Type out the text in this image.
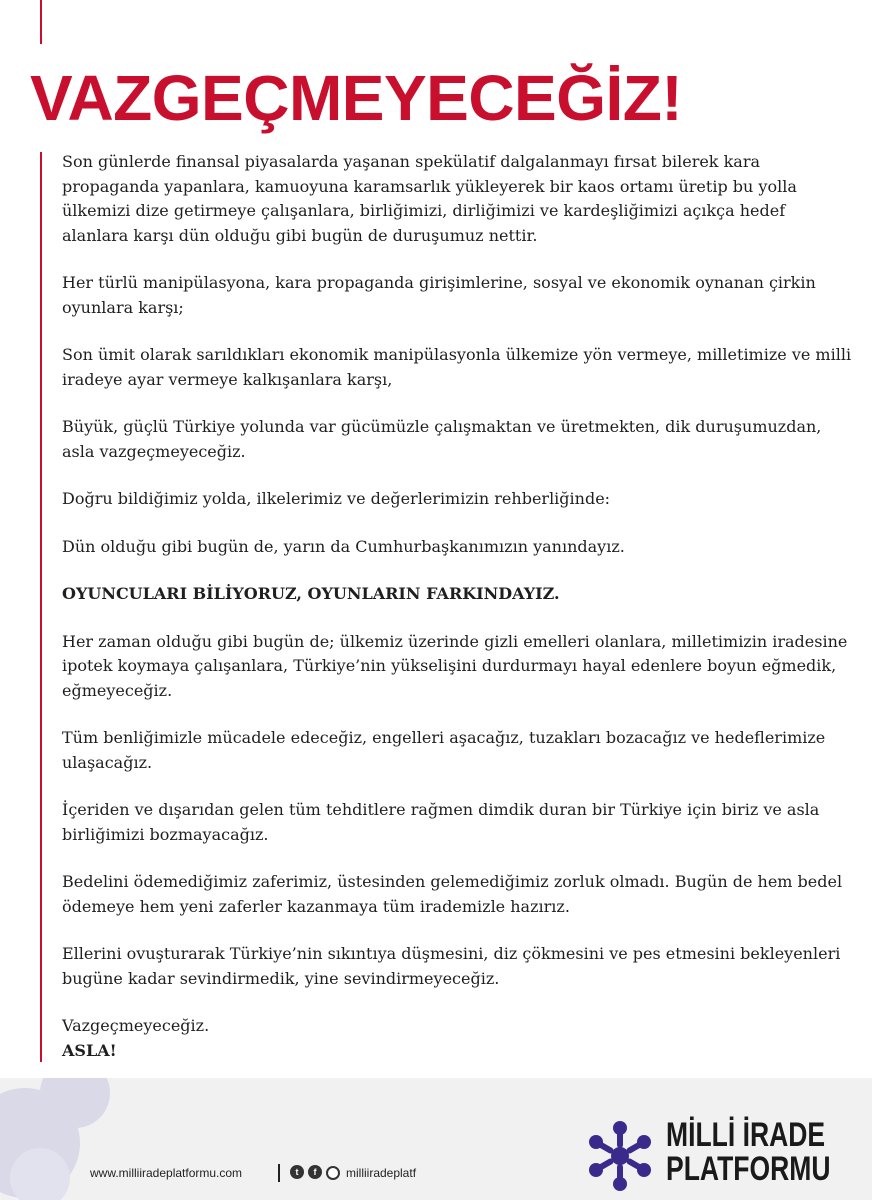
VAZGEÇMEYECEĞİZ!

Son günlerde finansal piyasalarda yaşanan spekülatif dalgalanmayı fırsat bilerek kara propaganda yapanlara, kamuoyuna karamsarlık yükleyerek bir kaos ortamı üretip bu yolla ülkemizi dize getirmeye çalışanlara, birliğimizi, dirliğimizi ve kardeşliğimizi açıkça hedef alanlara karşı dün olduğu gibi bugün de duruşumuz nettir.

Her türlü manipülasyona, kara propaganda girişimlerine, sosyal ve ekonomik oynanan çirkin oyunlara karşı;

Son ümit olarak sarıldıkları ekonomik manipülasyonla ülkemize yön vermeye, milletimize ve milli iradeye ayar vermeye kalkışanlara karşı,

Büyük, güçlü Türkiye yolunda var gücümüzle çalışmaktan ve üretmekten, dik duruşumuzdan, asla vazgeçmeyeceğiz.

Doğru bildiğimiz yolda, ilkelerimiz ve değerlerimizin rehberliğinde:

Dün olduğu gibi bugün de, yarın da Cumhurbaşkanımızın yanındayız.

OYUNCULARI BİLİYORUZ, OYUNLARIN FARKINDAYIZ.

Her zaman olduğu gibi bugün de; ülkemiz üzerinde gizli emelleri olanlara, milletimizin iradesine ipotek koymaya çalışanlara, Türkiye’nin yükselişini durdurmayı hayal edenlere boyun eğmedik, eğmeyeceğiz.

Tüm benliğimizle mücadele edeceğiz, engelleri aşacağız, tuzakları bozacağız ve hedeflerimize ulaşacağız.

İçeriden ve dışarıdan gelen tüm tehditlere rağmen dimdik duran bir Türkiye için biriz ve asla birliğimizi bozmayacağız.

Bedelini ödemediğimiz zaferimiz, üstesinden gelemediğimiz zorluk olmadı. Bugün de hem bedel ödemeye hem yeni zaferler kazanmaya tüm irademizle hazırız.

Ellerini ovuşturarak Türkiye’nin sıkıntıya düşmesini, diz çökmesini ve pes etmesini bekleyenleri bugüne kadar sevindirmedik, yine sevindirmeyeceğiz.

Vazgeçmeyeceğiz.

ASLA!

www.milliiradeplatformu.com	t	f	milliiradeplatf
MİLLİ İRADE
PLATFORMU
